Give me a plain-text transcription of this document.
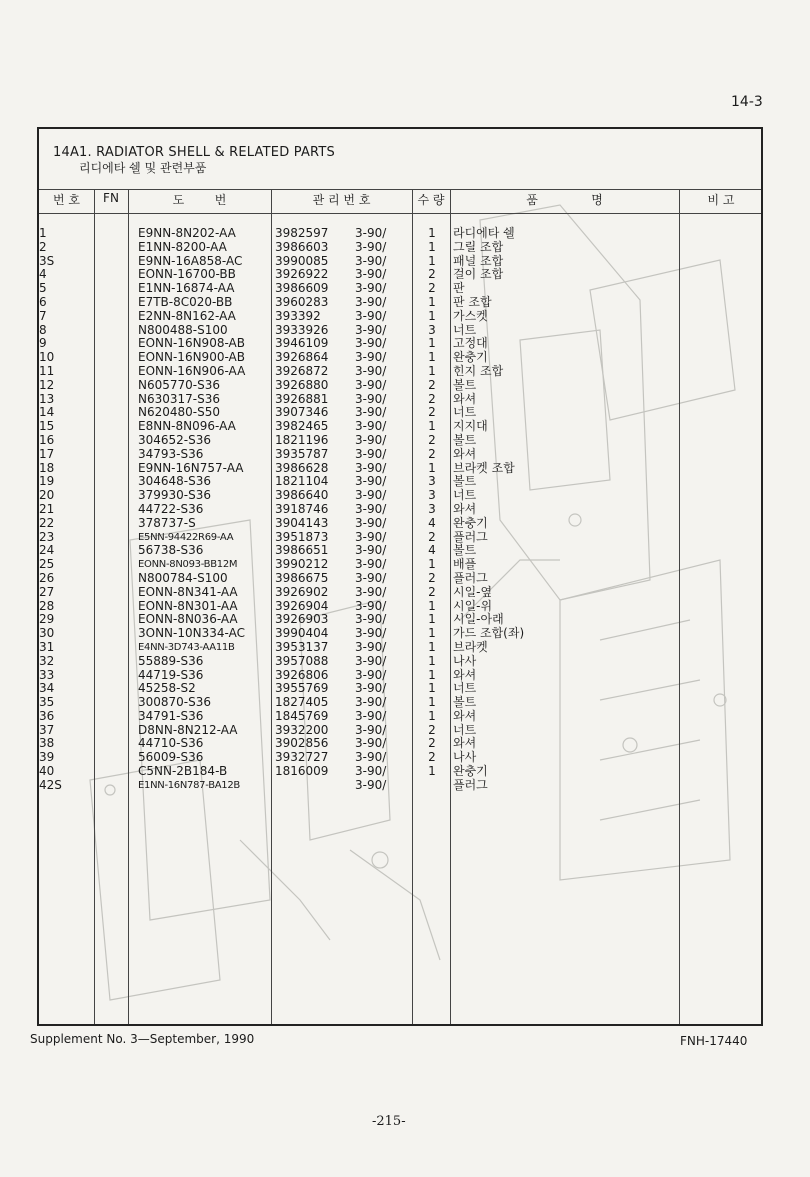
14-3
14A1. RADIATOR SHELL & RELATED PARTS
리디에타 쉘 및 관련부품
번 호	FN	도        번	관 리 번 호	수 량	품              명	비 고
1	E9NN-8N202-AA	3982597 3-90/	1 라디에타 쉘
2	E1NN-8200-AA	3986603 3-90/	1 그릴 조합
3S	E9NN-16A858-AC	3990085 3-90/	1 패널 조합
4	EONN-16700-BB	3926922 3-90/	2 걸이 조합
5	E1NN-16874-AA	3986609 3-90/	2 판
6	E7TB-8C020-BB	3960283 3-90/	1 판 조합
7	E2NN-8N162-AA	393392	3-90/	1 가스켓
8	N800488-S100	3933926 3-90/	3 너트
9	EONN-16N908-AB	3946109 3-90/	1 고정대
10	EONN-16N900-AB	3926864 3-90/	1 완충기
11	EONN-16N906-AA 3926872 3-90/	1 힌지 조합
12	N605770-S36	3926880 3-90/	2 볼트
13	N630317-S36	3926881 3-90/	2 와셔
14	N620480-S50	3907346 3-90/	2 너트
15	E8NN-8N096-AA	3982465 3-90/	1 지지대
16	304652-S36	1821196 3-90/	2 볼트
17	34793-S36	3935787 3-90/	2 와셔
18	E9NN-16N757-AA	3986628 3-90/	1 브라켓 조합
19	304648-S36	1821104 3-90/	3 볼트
20	379930-S36	3986640 3-90/	3 너트
21	44722-S36	3918746 3-90/	3 와셔
22	378737-S	3904143 3-90/	4 완충기
23	E5NN-94422R69-AA	3951873 3-90/	2 플러그
24	56738-S36	3986651 3-90/	4 볼트
25	EONN-8N093-BB12M	3990212 3-90/	1 배플
26	N800784-S100	3986675 3-90/	2 플러그
27	EONN-8N341-AA	3926902 3-90/	2 시일-옆
28	EONN-8N301-AA	3926904 3-90/	1 시일-위
29	EONN-8N036-AA	3926903 3-90/	1 시일-아래
30	3ONN-10N334-AC	3990404 3-90/	1 가드 조합(좌)
31	E4NN-3D743-AA11B	3953137 3-90/	1 브라켓
32	55889-S36	3957088 3-90/	1 나사
33	44719-S36	3926806 3-90/	1 와셔
34	45258-S2	3955769 3-90/	1 너트
35	300870-S36	1827405 3-90/	1 볼트
36	34791-S36	1845769 3-90/	1 와셔
37	D8NN-8N212-AA	3932200 3-90/	2 너트
38	44710-S36	3902856 3-90/	2 와셔
39	56009-S36	3932727 3-90/	2 나사
40	C5NN-2B184-B	1816009 3-90/	1 완충기
42S	E1NN-16N787-BA12B	3-90/	플러그
Supplement No. 3—September, 1990	FNH-17440
-215-
